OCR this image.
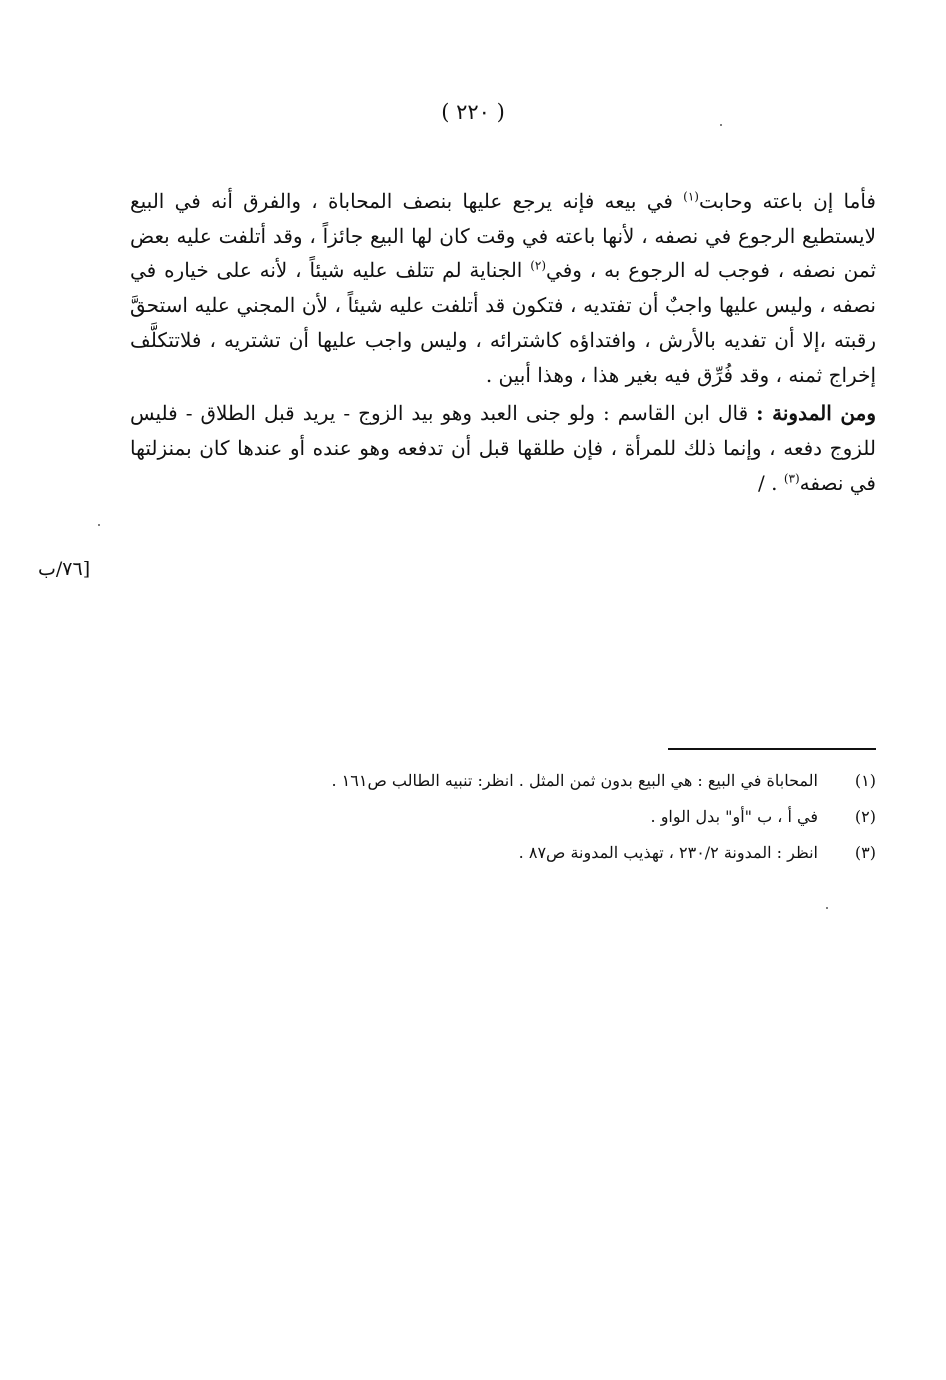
( ٢٢٠ )

فأما إن باعته وحابت$^{(١)}$ في بيعه فإنه يرجع عليها بنصف المحاباة ، والفرق أنه في البيع لايستطيع الرجوع في نصفه ، لأنها باعته في وقت كان لها البيع جائزاً ، وقد أتلفت عليه بعض ثمن نصفه ، فوجب له الرجوع به ، وفي$^{(٢)}$ الجناية لم تتلف عليه شيئاً ، لأنه على خياره في نصفه ، وليس عليها واجبٌ أن تفتديه ، فتكون قد أتلفت عليه شيئاً ، لأن المجني عليه استحقَّ رقبته ،إلا أن تفديه بالأرش ، وافتداؤه كاشترائه ، وليس واجب عليها أن تشتريه ، فلاتتكلَّف إخراج ثمنه ، وقد فُرِّق فيه بغير هذا ، وهذا أبين .

ومن المدونة : قال ابن القاسم : ولو جنى العبد وهو بيد الزوج - يريد قبل الطلاق - فليس للزوج دفعه ، وإنما ذلك للمرأة ، فإن طلقها قبل أن تدفعه وهو عنده أو عندها كان بمنزلتها في نصفه$^{(٣)}$ . /

[٧٦/ب
(١)
المحاباة في البيع : هي البيع بدون ثمن المثل . انظر: تنبيه الطالب ص١٦١ .
(٢)
في أ ، ب "أو" بدل الواو .
(٣)
انظر : المدونة ٢٣٠/٢ ، تهذيب المدونة ص٨٧ .
